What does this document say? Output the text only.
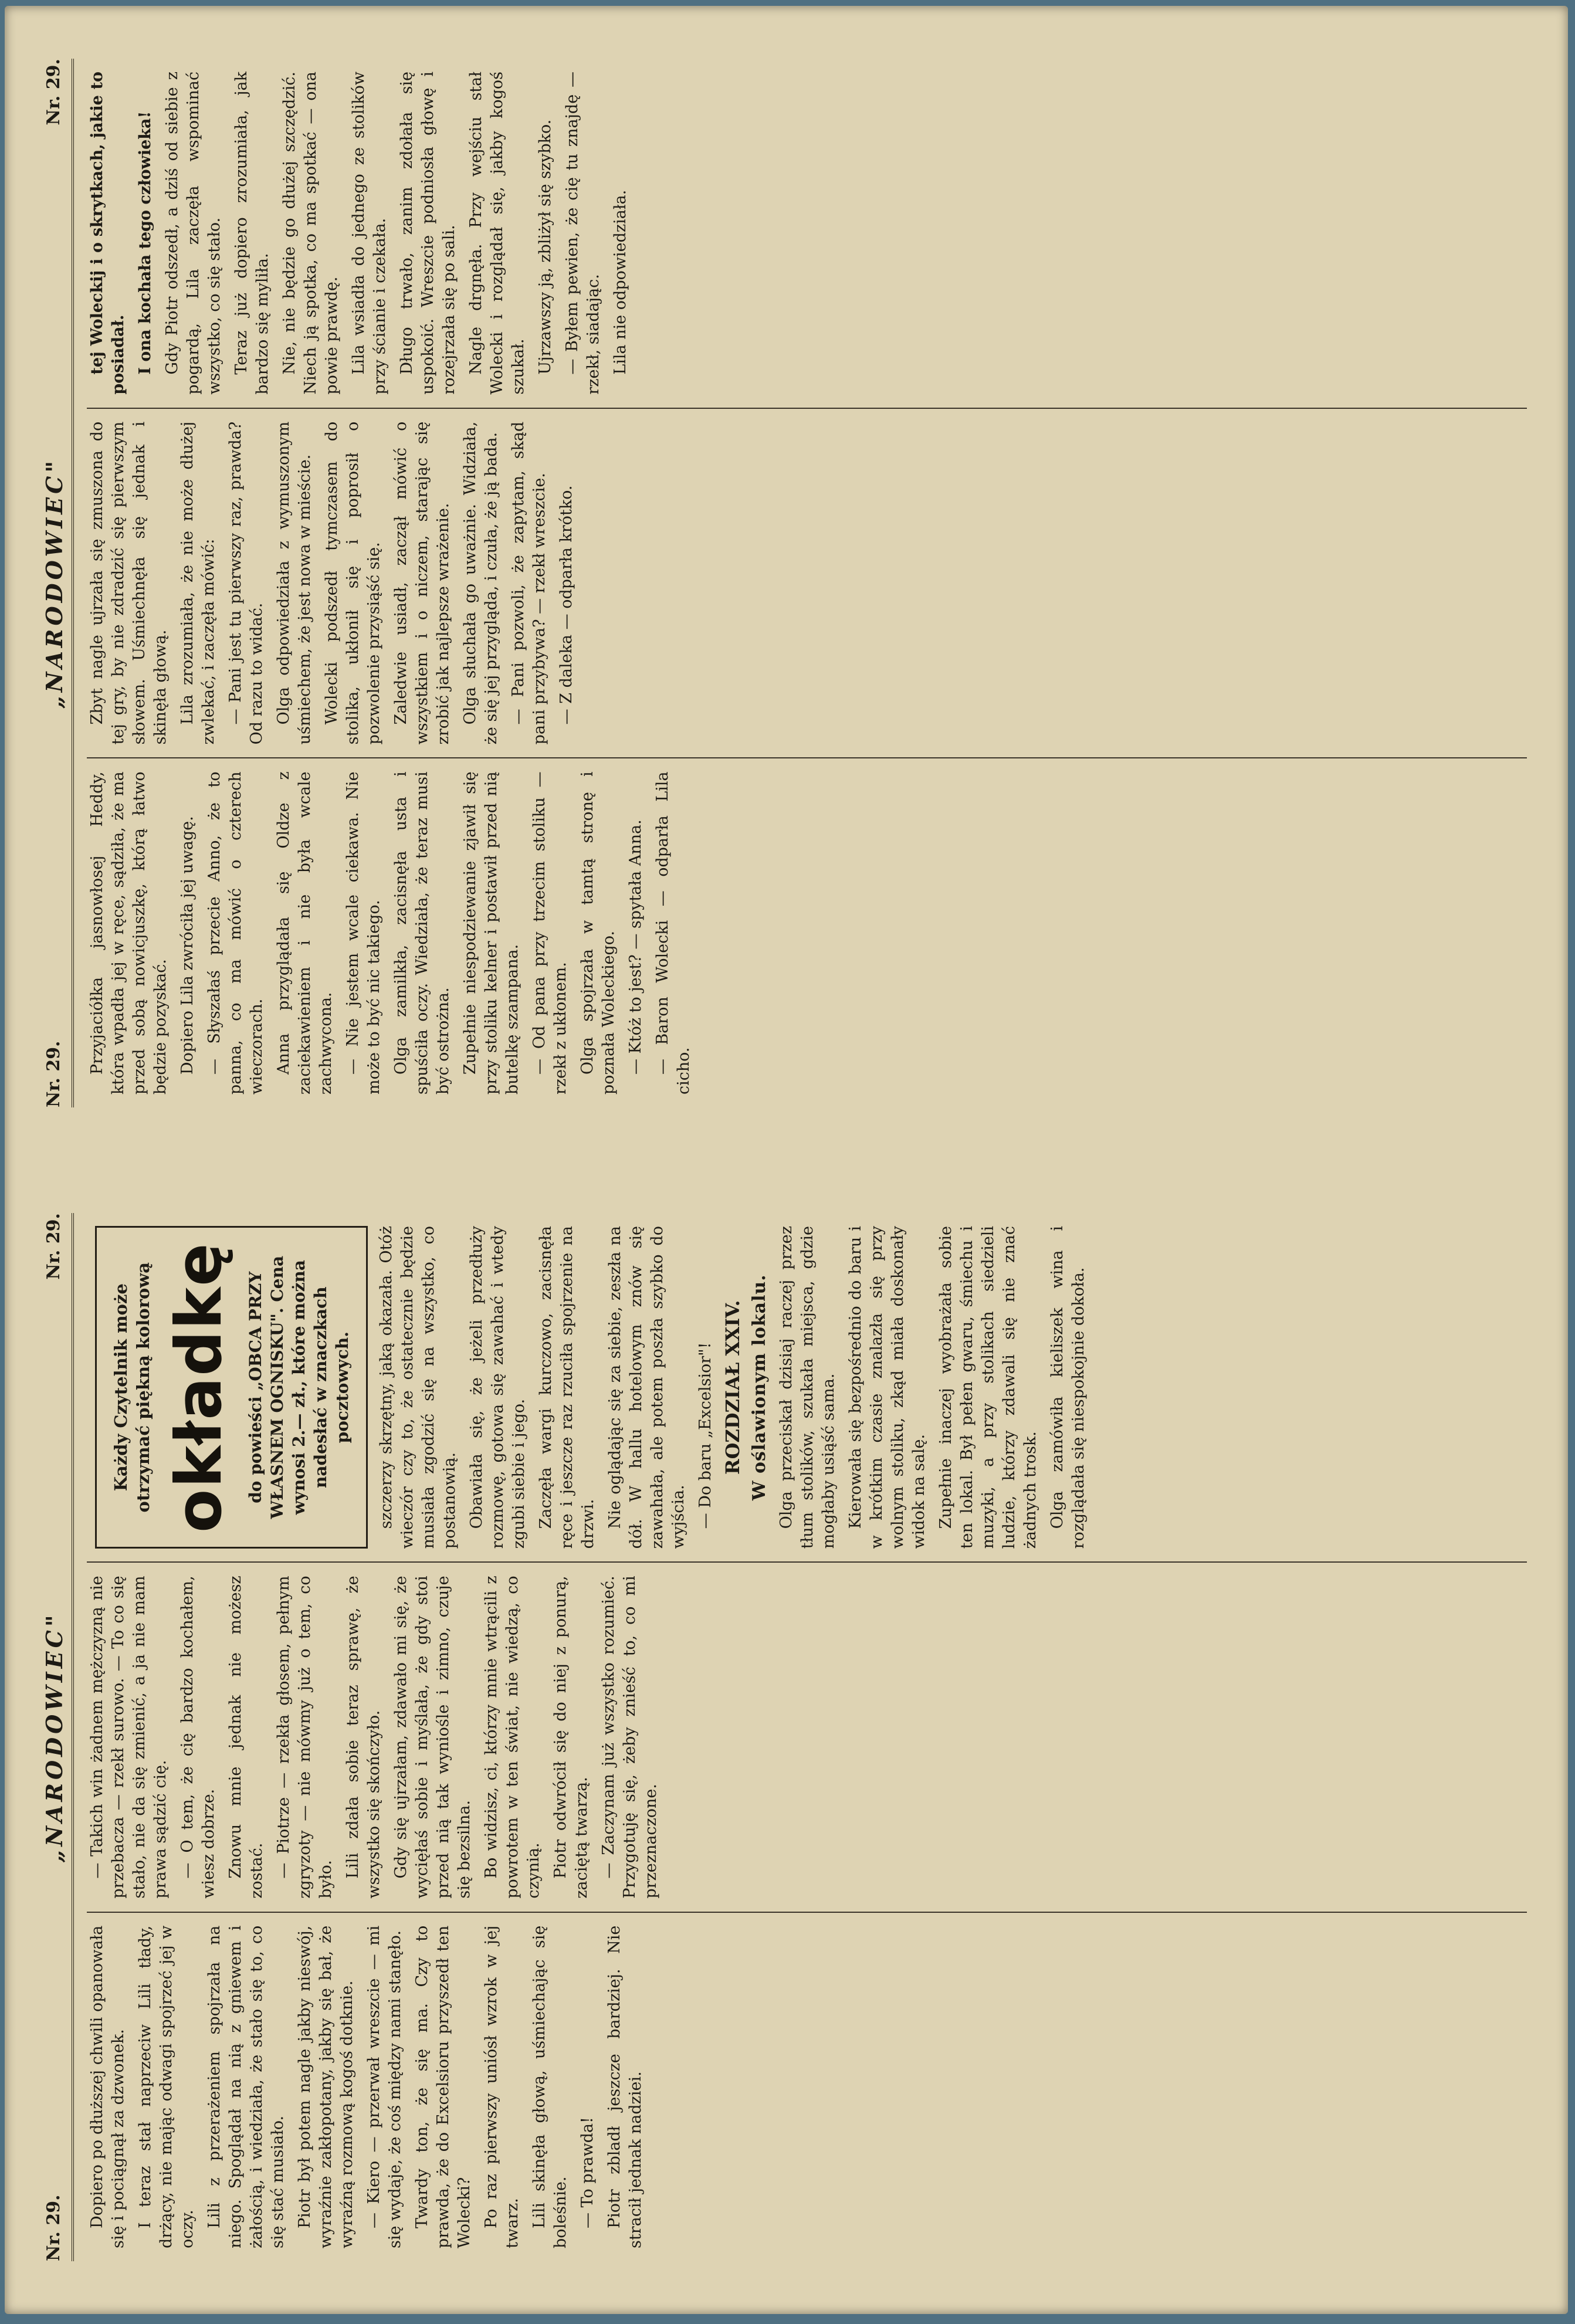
Nr. 29.
„NARODOWIEC"
Nr. 29.

Dopiero po dłuższej chwili opanowała się i pociągnął za dzwonek. I teraz stał naprzeciw Lili tłady, drżący, nie mając odwagi spojrzeć jej w oczy.

Lili z przerażeniem spojrzała na niego. Spoglądał na nią z gniewem i żałością, i wiedziała, że stało się to, co się stać musiało. Piotr był potem nagle jakby nieswój, wyraźnie zakłopotany, jakby się bał, że wyraźną rozmową kogoś dotknie. — Kiero — przerwał wreszcie — mi się wydaje, że coś między nami stanęło. Twardy ton, że się ma. Czy to prawda, że do Excelsioru przyszedł ten Wolecki? Po raz pierwszy uniósł wzrok w jej twarz. Lili skinęła głową, uśmiechając się boleśnie. — To prawda! Piotr zbladł jeszcze bardziej. Nie stracił jednak nadziei.

— Takich win żadnem mężczyzną nie przebacza — rzekł surowo. — To co się stało, nie da się zmienić, a ja nie mam prawa sądzić cię. — O tem, że cię bardzo kochałem, wiesz dobrze. Znowu mnie jednak nie możesz zostać. — Piotrze — rzekła głosem, pełnym zgryzoty — nie mówmy już o tem, co było.

Lili zdała sobie teraz sprawę, że wszystko się skończyło. Gdy się ujrzałam, zdawało mi się, że wycięłaś sobie i myślała, że gdy stoi przed nią tak wyniośle i zimno, czuje się bezsilna. Bo widzisz, ci, którzy mnie wtrącili z powrotem w ten świat, nie wiedzą, co czynią. Piotr odwrócił się do niej z ponurą, zaciętą twarzą. — Zaczynam już wszystko rozumieć. Przygotuję się, żeby znieść to, co mi przeznaczone.

Każdy Czytelnik może otrzymać piękną kolorową okładkę do powieści „OBCA PRZY WŁASNEM OGNISKU". Cena wynosi 2.— zł., które można nadesłać w znaczkach pocztowych. szczerzy skrzętny, jaką okazała. Otóż wieczór czy to, że ostatecznie będzie musiała zgodzić się na wszystko, co postanowią. Obawiała się, że jeżeli przedłuży rozmowę, gotowa się zawahać i wtedy zgubi siebie i jego. Zaczęła wargi kurczowo, zacisnęła ręce i jeszcze raz rzuciła spojrzenie na drzwi. Nie oglądając się za siebie, zeszła na dół. W hallu hotelowym znów się zawahała, ale potem poszła szybko do wyjścia. — Do baru „Excelsior"! ROZDZIAŁ XXIV. W oślawionym lokalu. Olga przeciskał dzisiaj raczej przez tłum stolików, szukała miejsca, gdzie mogłaby usiąść sama. Kierowała się bezpośrednio do baru i w krótkim czasie znalazła się przy wolnym stoliku, zkąd miała doskonały widok na salę. Zupełnie inaczej wyobrażała sobie ten lokal. Był pełen gwaru, śmiechu i muzyki, a przy stolikach siedzieli ludzie, którzy zdawali się nie znać żadnych trosk. Olga zamówiła kieliszek wina i rozglądała się niespokojnie dokoła.

Nr. 29.
„NARODOWIEC"
Nr. 29.

Przyjaciółka jasnowłosej Heddy, która wpadła jej w ręce, sądziła, że ma przed sobą nowicjuszkę, którą łatwo będzie pozyskać. Dopiero Lila zwróciła jej uwagę. — Słyszałaś przecie Anno, że to panna, co ma mówić o czterech wieczorach. Anna przyglądała się Oldze z zaciekawieniem i nie była wcale zachwycona. — Nie jestem wcale ciekawa. Nie może to być nic takiego. Olga zamilkła, zacisnęła usta i spuściła oczy. Wiedziała, że teraz musi być ostrożna. Zupełnie niespodziewanie zjawił się przy stoliku kelner i postawił przed nią butelkę szampana. — Od pana przy trzecim stoliku — rzekł z ukłonem. Olga spojrzała w tamtą stronę i poznała Woleckiego. — Któż to jest? — spytała Anna. — Baron Wolecki — odparła Lila cicho.

Zbyt nagle ujrzała się zmuszona do tej gry, by nie zdradzić się pierwszym słowem. Uśmiechnęła się jednak i skinęła głową. Lila zrozumiała, że nie może dłużej zwlekać, i zaczęła mówić: — Pani jest tu pierwszy raz, prawda? Od razu to widać. Olga odpowiedziała z wymuszonym uśmiechem, że jest nowa w mieście. Wolecki podszedł tymczasem do stolika, ukłonił się i poprosił o pozwolenie przysiąść się. Zaledwie usiadł, zaczął mówić o wszystkiem i o niczem, starając się zrobić jak najlepsze wrażenie. Olga słuchała go uważnie. Widziała, że się jej przygląda, i czuła, że ją bada. — Pani pozwoli, że zapytam, skąd pani przybywa? — rzekł wreszcie. — Z daleka — odparła krótko.

tej Woleckij i o skrytkach, jakie to posiadał. I ona kochała tego człowieka! Gdy Piotr odszedł, a dziś od siebie z pogardą, Lila zaczęła wspominać wszystko, co się stało. Teraz już dopiero zrozumiała, jak bardzo się myliła. Nie, nie będzie go dłużej szczędzić. Niech ją spotka, co ma spotkać — ona powie prawdę. Lila wsiadła do jednego ze stolików przy ścianie i czekała. Długo trwało, zanim zdołała się uspokoić. Wreszcie podniosła głowę i rozejrzała się po sali. Nagle drgnęła. Przy wejściu stał Wolecki i rozglądał się, jakby kogoś szukał. Ujrzawszy ją, zbliżył się szybko. — Byłem pewien, że cię tu znajdę — rzekł, siadając. Lila nie odpowiedziała.
